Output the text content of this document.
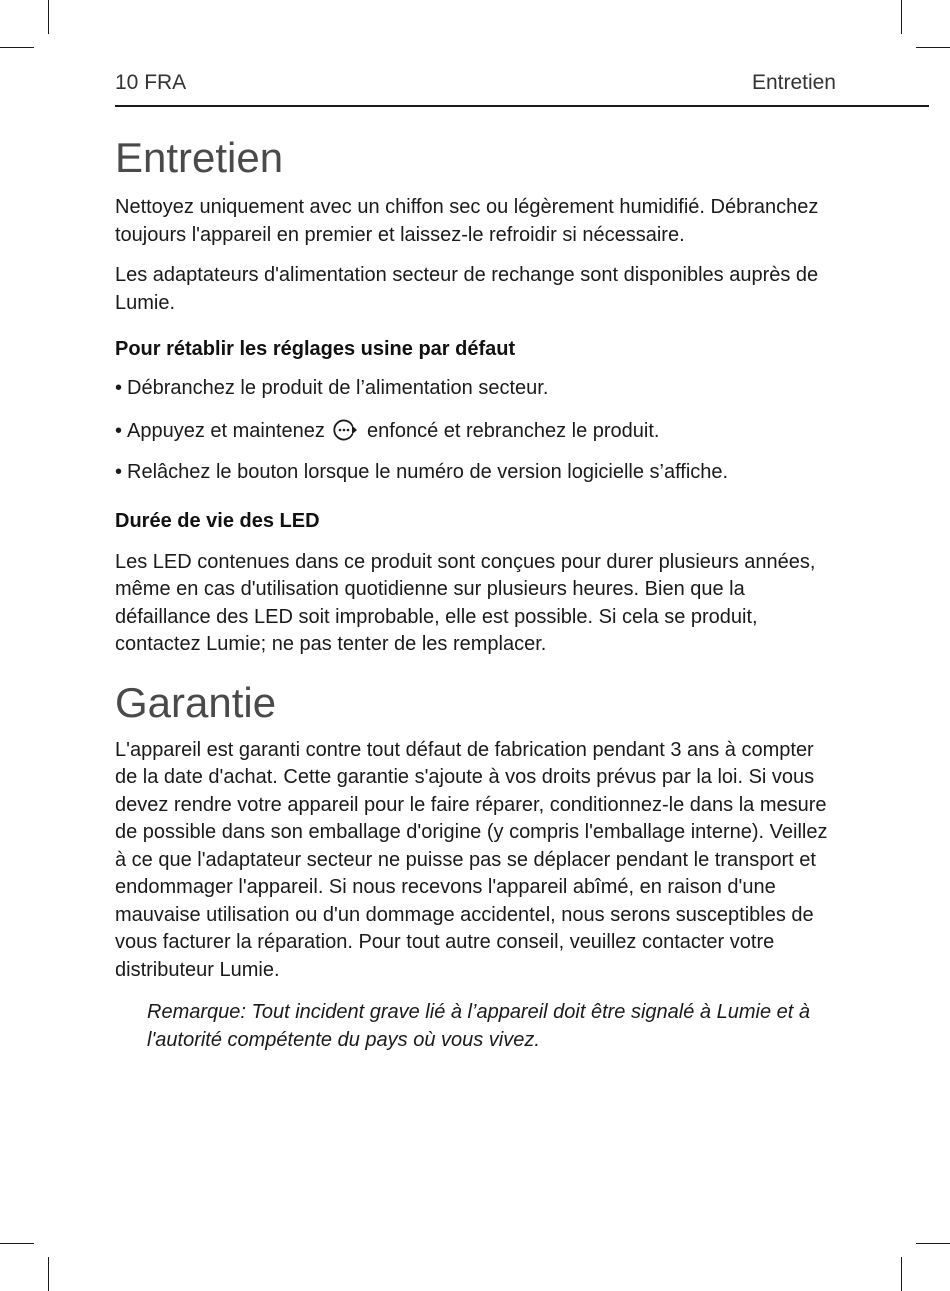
10 FRA	Entretien
Entretien

Nettoyez uniquement avec un chiffon sec ou légèrement humidifié. Débranchez toujours l'appareil en premier et laissez-le refroidir si nécessaire.

Les adaptateurs d'alimentation secteur de rechange sont disponibles auprès de Lumie.

Pour rétablir les réglages usine par défaut
• Débranchez le produit de l’alimentation secteur.
• Appuyez et maintenez enfoncé et rebranchez le produit.
• Relâchez le bouton lorsque le numéro de version logicielle s’affiche.
Durée de vie des LED

Les LED contenues dans ce produit sont conçues pour durer plusieurs années, même en cas d'utilisation quotidienne sur plusieurs heures. Bien que la défaillance des LED soit improbable, elle est possible. Si cela se produit, contactez Lumie; ne pas tenter de les remplacer.

Garantie

L'appareil est garanti contre tout défaut de fabrication pendant 3 ans à compter de la date d'achat. Cette garantie s'ajoute à vos droits prévus par la loi. Si vous devez rendre votre appareil pour le faire réparer, conditionnez-le dans la mesure de possible dans son emballage d'origine (y compris l'emballage interne). Veillez à ce que l'adaptateur secteur ne puisse pas se déplacer pendant le transport et endommager l'appareil. Si nous recevons l'appareil abîmé, en raison d'une mauvaise utilisation ou d'un dommage accidentel, nous serons susceptibles de vous facturer la réparation. Pour tout autre conseil, veuillez contacter votre distributeur Lumie.

Remarque: Tout incident grave lié à l’appareil doit être signalé à Lumie et à l'autorité compétente du pays où vous vivez.
